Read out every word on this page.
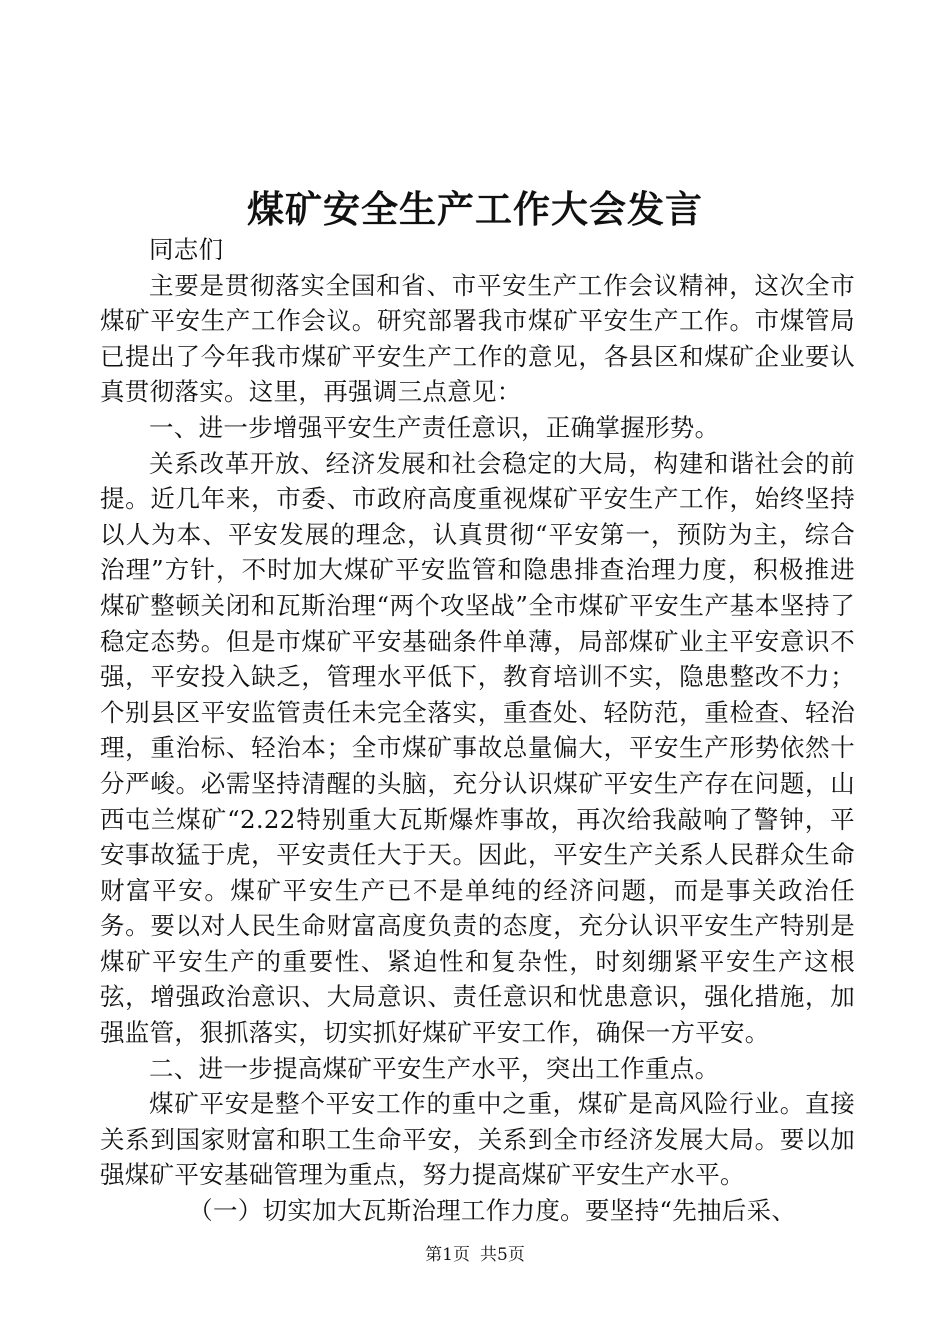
煤矿安全生产工作大会发言

同志们

主要是贯彻落实全国和省、市平安生产工作会议精神，这次全市煤矿平安生产工作会议。研究部署我市煤矿平安生产工作。市煤管局已提出了今年我市煤矿平安生产工作的意见，各县区和煤矿企业要认真贯彻落实。这里，再强调三点意见：

一、进一步增强平安生产责任意识，正确掌握形势。

关系改革开放、经济发展和社会稳定的大局，构建和谐社会的前提。近几年来，市委、市政府高度重视煤矿平安生产工作，始终坚持以人为本、平安发展的理念，认真贯彻“平安第一，预防为主，综合治理”方针，不时加大煤矿平安监管和隐患排查治理力度，积极推进煤矿整顿关闭和瓦斯治理“两个攻坚战”全市煤矿平安生产基本坚持了稳定态势。但是市煤矿平安基础条件单薄，局部煤矿业主平安意识不强，平安投入缺乏，管理水平低下，教育培训不实，隐患整改不力；个别县区平安监管责任未完全落实，重查处、轻防范，重检查、轻治理，重治标、轻治本；全市煤矿事故总量偏大，平安生产形势依然十分严峻。必需坚持清醒的头脑，充分认识煤矿平安生产存在问题，山西屯兰煤矿“2.22特别重大瓦斯爆炸事故，再次给我敲响了警钟，平安事故猛于虎，平安责任大于天。因此，平安生产关系人民群众生命财富平安。煤矿平安生产已不是单纯的经济问题，而是事关政治任务。要以对人民生命财富高度负责的态度，充分认识平安生产特别是煤矿平安生产的重要性、紧迫性和复杂性，时刻绷紧平安生产这根弦，增强政治意识、大局意识、责任意识和忧患意识，强化措施，加强监管，狠抓落实，切实抓好煤矿平安工作，确保一方平安。

二、进一步提高煤矿平安生产水平，突出工作重点。

煤矿平安是整个平安工作的重中之重，煤矿是高风险行业。直接关系到国家财富和职工生命平安，关系到全市经济发展大局。要以加强煤矿平安基础管理为重点，努力提高煤矿平安生产水平。

（一）切实加大瓦斯治理工作力度。要坚持“先抽后采、

第1页 共5页
